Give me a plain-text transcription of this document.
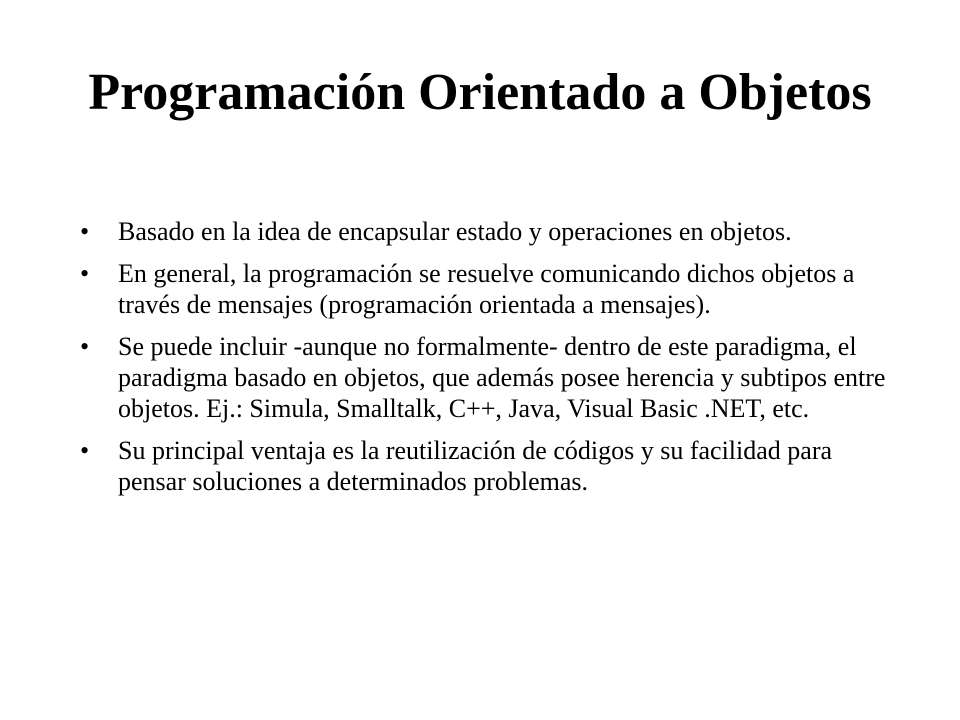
Programación Orientado a Objetos
• Basado en la idea de encapsular estado y operaciones en objetos.
• En general, la programación se resuelve comunicando dichos objetos a través de mensajes (programación orientada a mensajes).
• Se puede incluir -aunque no formalmente- dentro de este paradigma, el paradigma basado en objetos, que además posee herencia y subtipos entre objetos. Ej.: Simula, Smalltalk, C++, Java, Visual Basic .NET, etc.
• Su principal ventaja es la reutilización de códigos y su facilidad para pensar soluciones a determinados problemas.
